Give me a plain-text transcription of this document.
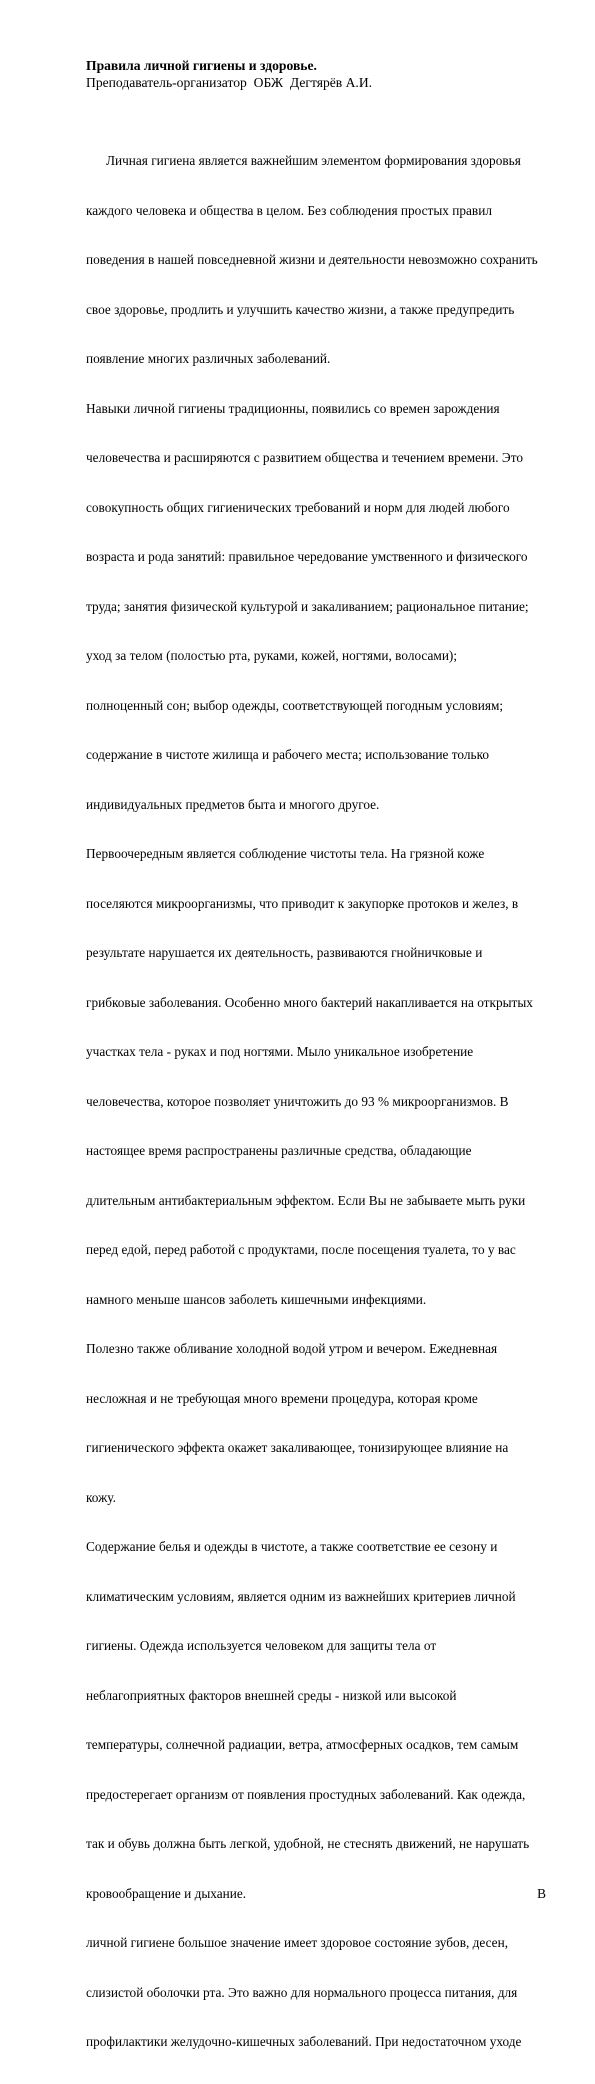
Правила личной гигиены и здоровье.
Преподаватель-организатор  ОБЖ  Дегтярёв А.И.

Личная гигиена является важнейшим элементом формирования здоровья

каждого человека и общества в целом. Без соблюдения простых правил

поведения в нашей повседневной жизни и деятельности невозможно сохранить

свое здоровье, продлить и улучшить качество жизни, а также предупредить

появление многих различных заболеваний.

Навыки личной гигиены традиционны, появились со времен зарождения

человечества и расширяются с развитием общества и течением времени. Это

совокупность общих гигиенических требований и норм для людей любого

возраста и рода занятий: правильное чередование умственного и физического

труда; занятия физической культурой и закаливанием; рациональное питание;

уход за телом (полостью рта, руками, кожей, ногтями, волосами);

полноценный сон; выбор одежды, соответствующей погодным условиям;

содержание в чистоте жилища и рабочего места; использование только

индивидуальных предметов быта и многого другое.

Первоочередным является соблюдение чистоты тела. На грязной коже

поселяются микроорганизмы, что приводит к закупорке протоков и желез, в

результате нарушается их деятельность, развиваются гнойничковые и

грибковые заболевания. Особенно много бактерий накапливается на открытых

участках тела - руках и под ногтями. Мыло уникальное изобретение

человечества, которое позволяет уничтожить до 93 % микроорганизмов. В

настоящее время распространены различные средства, обладающие

длительным антибактериальным эффектом. Если Вы не забываете мыть руки

перед едой, перед работой с продуктами, после посещения туалета, то у вас

намного меньше шансов заболеть кишечными инфекциями.

Полезно также обливание холодной водой утром и вечером. Ежедневная

несложная и не требующая много времени процедура, которая кроме

гигиенического эффекта окажет закаливающее, тонизирующее влияние на

кожу.

Содержание белья и одежды в чистоте, а также соответствие ее сезону и

климатическим условиям, является одним из важнейших критериев личной

гигиены. Одежда используется человеком для защиты тела от

неблагоприятных факторов внешней среды - низкой или высокой

температуры, солнечной радиации, ветра, атмосферных осадков, тем самым

предостерегает организм от появления простудных заболеваний. Как одежда,

так и обувь должна быть легкой, удобной, не стеснять движений, не нарушать

кровообращение и дыхание.	В

личной гигиене большое значение имеет здоровое состояние зубов, десен,

слизистой оболочки рта. Это важно для нормального процесса питания, для

профилактики желудочно-кишечных заболеваний. При недостаточном уходе
